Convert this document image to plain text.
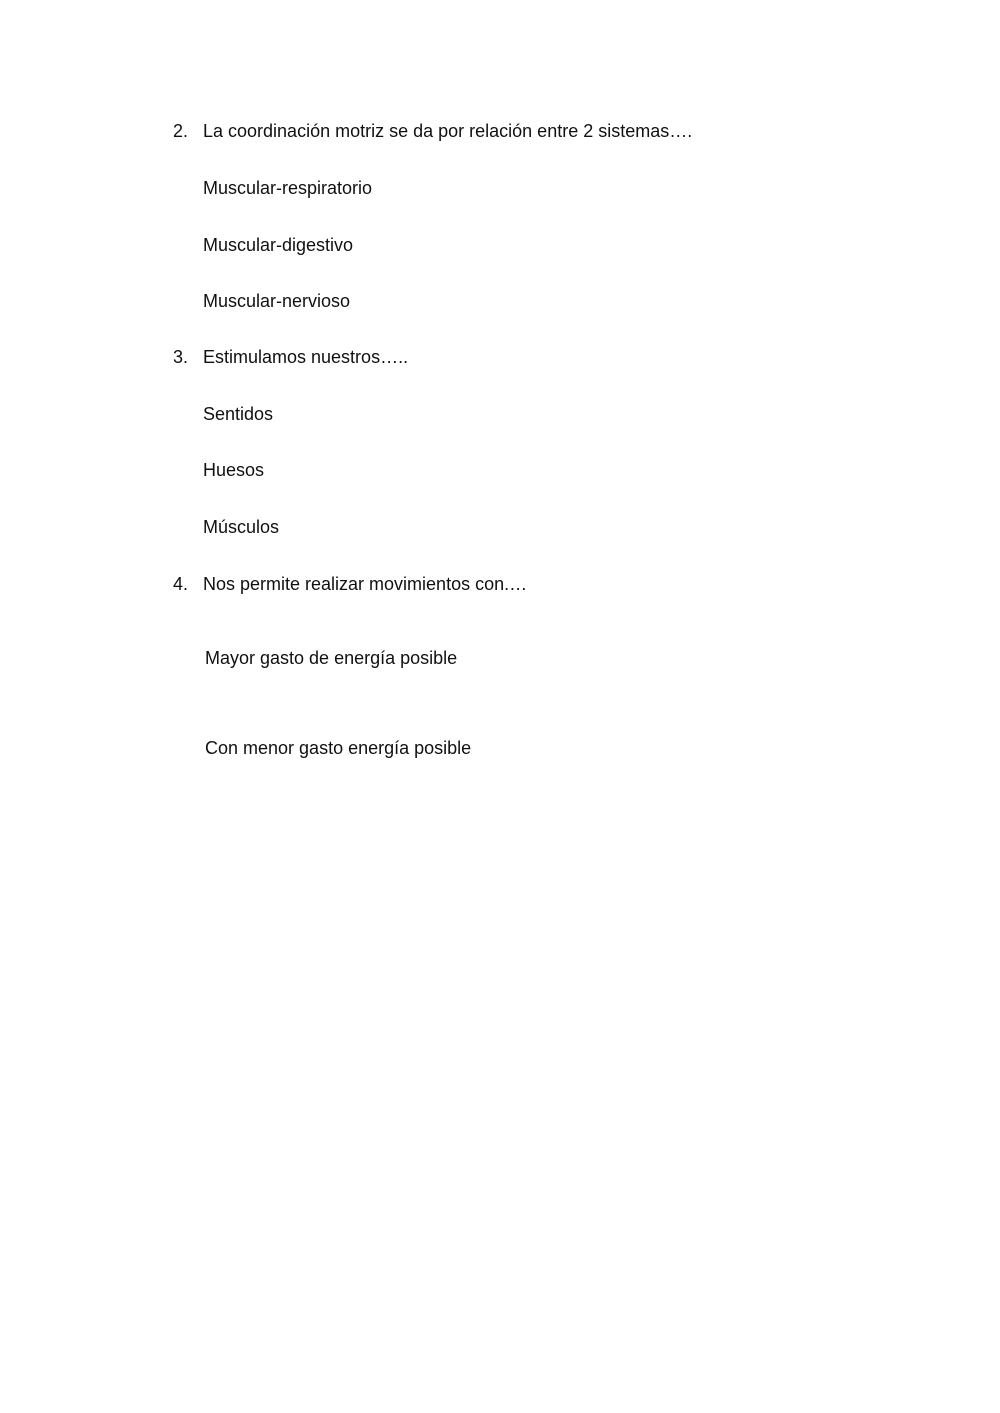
2. La coordinación motriz se da por relación entre 2 sistemas….
Muscular-respiratorio
Muscular-digestivo
Muscular-nervioso
3. Estimulamos nuestros…..
Sentidos
Huesos
Músculos
4. Nos permite realizar movimientos con.…
Mayor gasto de energía posible
Con menor gasto energía posible
